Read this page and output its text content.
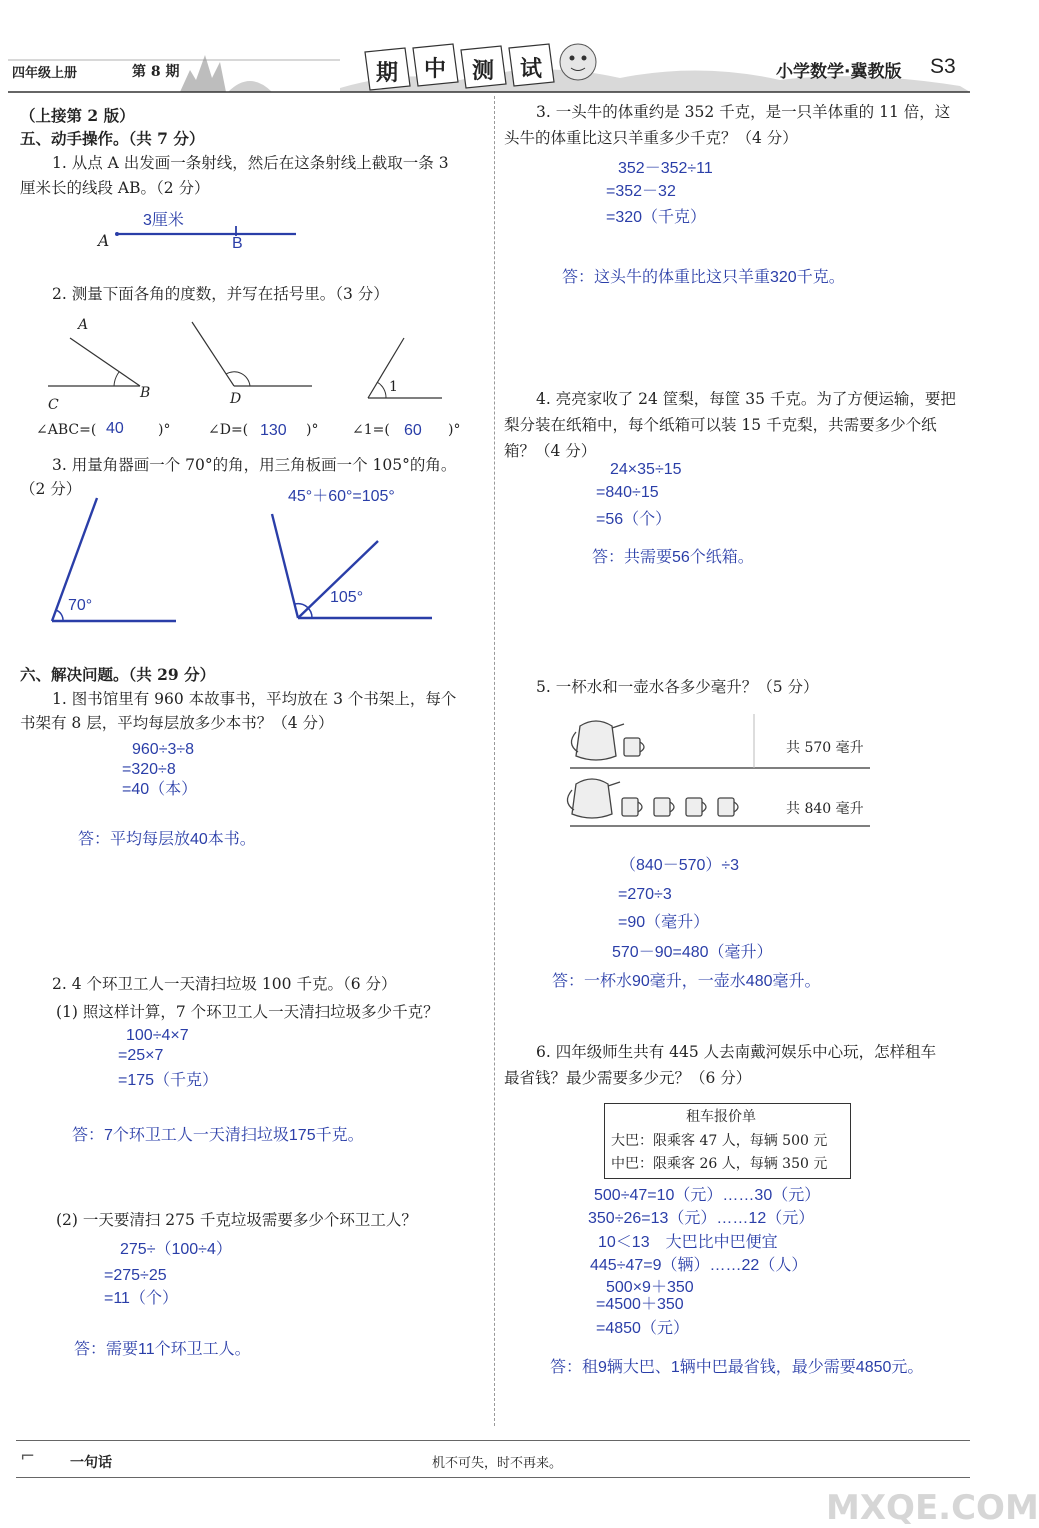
四年级上册	第 8 期	期 中 测 试	小学数学·冀教版 S3
（上接第 2 版）
五、动手操作。（共 7 分）
1. 从点 A 出发画一条射线，然后在这条射线上截取一条 3
厘米长的线段 AB。（2 分）
3厘米
A	B
2. 测量下面各角的度数，并写在括号里。（3 分）
A
B
C	D
1
∠ABC=( 40 )°	∠D=( 130 )° ∠1=( 60 )°
3. 用量角器画一个 70°的角，用三角板画一个 105°的角。
（2 分）	45°＋60°=105°
70°	105°
六、解决问题。（共 29 分）
1. 图书馆里有 960 本故事书，平均放在 3 个书架上，每个
书架有 8 层，平均每层放多少本书？（4 分）
960÷3÷8
=320÷8
=40（本）
答：平均每层放40本书。
2. 4 个环卫工人一天清扫垃圾 100 千克。（6 分）
(1) 照这样计算，7 个环卫工人一天清扫垃圾多少千克？
100÷4×7
=25×7
=175（千克）
答：7个环卫工人一天清扫垃圾175千克。
(2) 一天要清扫 275 千克垃圾需要多少个环卫工人？
275÷（100÷4）
=275÷25
=11（个）
答：需要11个环卫工人。
3. 一头牛的体重约是 352 千克，是一只羊体重的 11 倍，这
头牛的体重比这只羊重多少千克？（4 分）
352－352÷11
=352－32
=320（千克）
答：这头牛的体重比这只羊重320千克。
4. 亮亮家收了 24 筐梨，每筐 35 千克。为了方便运输，要把
梨分装在纸箱中，每个纸箱可以装 15 千克梨，共需要多少个纸
箱？（4 分）
24×35÷15
=840÷15
=56（个）
答：共需要56个纸箱。
5. 一杯水和一壶水各多少毫升？（5 分）
共 570 毫升
共 840 毫升
（840－570）÷3
=270÷3
=90（毫升）
570－90=480（毫升）
答：一杯水90毫升，一壶水480毫升。
6. 四年级师生共有 445 人去南戴河娱乐中心玩，怎样租车
最省钱？最少需要多少元？（6 分）
租车报价单
大巴：限乘客 47 人，每辆 500 元
中巴：限乘客 26 人，每辆 350 元
500÷47=10（元）……30（元）
350÷26=13（元）……12（元）
10＜13　大巴比中巴便宜
445÷47=9（辆）……22（人）
500×9＋350
=4500＋350
=4850（元）
答：租9辆大巴、1辆中巴最省钱，最少需要4850元。
⌐ 一句话	机不可失，时不再来。
MXQE.COM
